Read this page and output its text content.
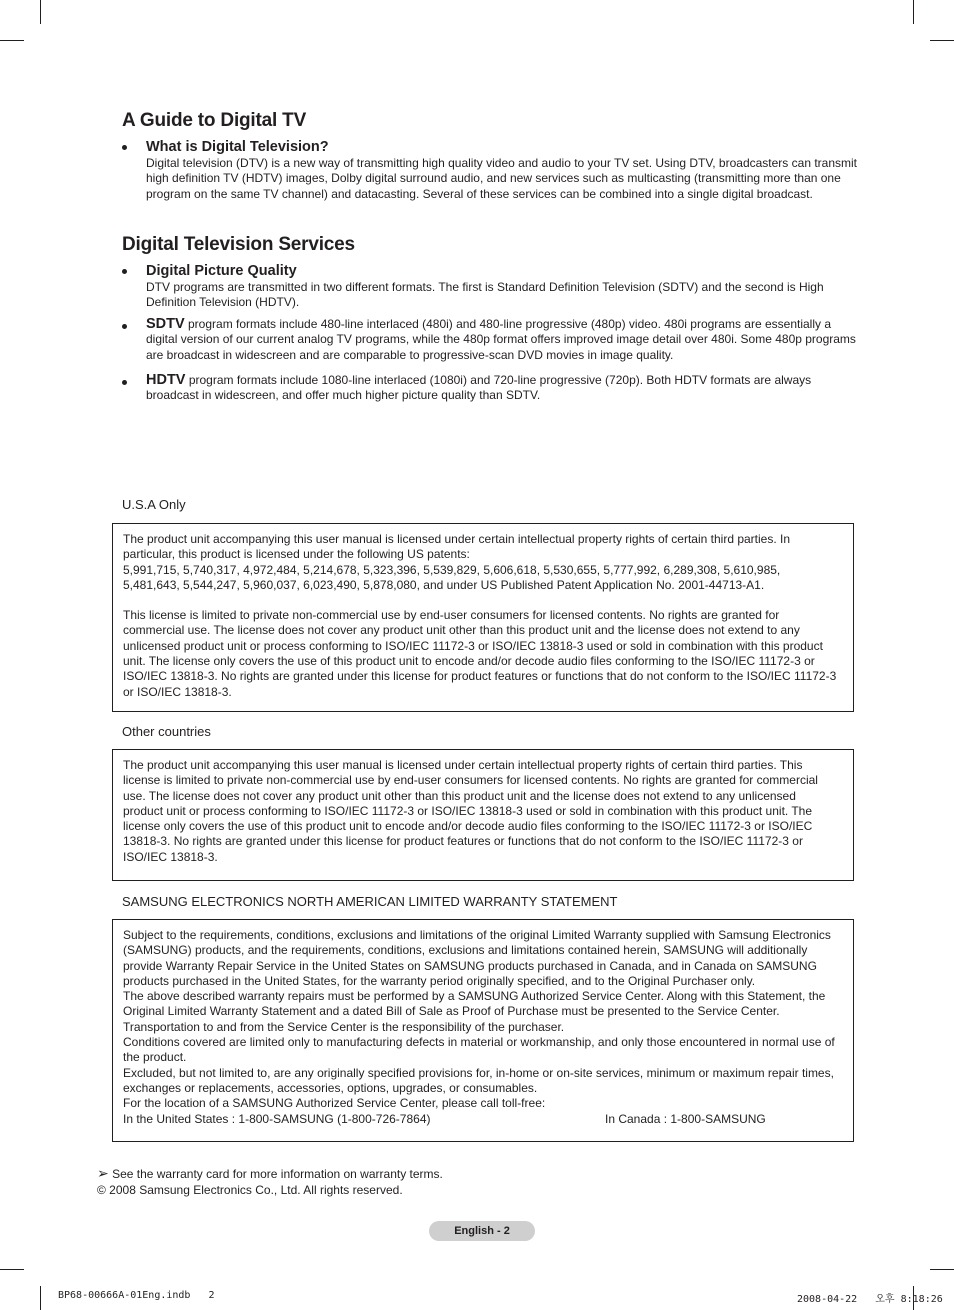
A Guide to Digital TV
What is Digital Television?
Digital television (DTV) is a new way of transmitting high quality video and audio to your TV set. Using DTV, broadcasters can transmit high definition TV (HDTV) images, Dolby digital surround audio, and new services such as multicasting (transmitting more than one program on the same TV channel) and datacasting. Several of these services can be combined into a single digital broadcast.
Digital Television Services
Digital Picture Quality
DTV programs are transmitted in two different formats. The first is Standard Definition Television (SDTV) and the second is High Definition Television (HDTV).
SDTV program formats include 480-line interlaced (480i) and 480-line progressive (480p) video. 480i programs are essentially a digital version of our current analog TV programs, while the 480p format offers improved image detail over 480i. Some 480p programs are broadcast in widescreen and are comparable to progressive-scan DVD movies in image quality.
HDTV program formats include 1080-line interlaced (1080i) and 720-line progressive (720p). Both HDTV formats are always broadcast in widescreen, and offer much higher picture quality than SDTV.
U.S.A Only

The product unit accompanying this user manual is licensed under certain intellectual property rights of certain third parties. In particular, this product is licensed under the following US patents:

5,991,715, 5,740,317, 4,972,484, 5,214,678, 5,323,396, 5,539,829, 5,606,618, 5,530,655, 5,777,992, 6,289,308, 5,610,985, 5,481,643, 5,544,247, 5,960,037, 6,023,490, 5,878,080, and under US Published Patent Application No. 2001-44713-A1.

This license is limited to private non-commercial use by end-user consumers for licensed contents. No rights are granted for commercial use. The license does not cover any product unit other than this product unit and the license does not extend to any unlicensed product unit or process conforming to ISO/IEC 11172-3 or ISO/IEC 13818-3 used or sold in combination with this product unit. The license only covers the use of this product unit to encode and/or decode audio files conforming to the ISO/IEC 11172-3 or ISO/IEC 13818-3. No rights are granted under this license for product features or functions that do not conform to the ISO/IEC 11172-3 or ISO/IEC 13818-3.

Other countries

The product unit accompanying this user manual is licensed under certain intellectual property rights of certain third parties. This license is limited to private non-commercial use by end-user consumers for licensed contents. No rights are granted for commercial use. The license does not cover any product unit other than this product unit and the license does not extend to any unlicensed product unit or process conforming to ISO/IEC 11172-3 or ISO/IEC 13818-3 used or sold in combination with this product unit. The license only covers the use of this product unit to encode and/or decode audio files conforming to the ISO/IEC 11172-3 or ISO/IEC 13818-3. No rights are granted under this license for product features or functions that do not conform to the ISO/IEC 11172-3 or ISO/IEC 13818-3.

SAMSUNG ELECTRONICS NORTH AMERICAN LIMITED WARRANTY STATEMENT

Subject to the requirements, conditions, exclusions and limitations of the original Limited Warranty supplied with Samsung Electronics (SAMSUNG) products, and the requirements, conditions, exclusions and limitations contained herein, SAMSUNG will additionally provide Warranty Repair Service in the United States on SAMSUNG products purchased in Canada, and in Canada on SAMSUNG products purchased in the United States, for the warranty period originally specified, and to the Original Purchaser only.

The above described warranty repairs must be performed by a SAMSUNG Authorized Service Center. Along with this Statement, the Original Limited Warranty Statement and a dated Bill of Sale as Proof of Purchase must be presented to the Service Center. Transportation to and from the Service Center is the responsibility of the purchaser.

Conditions covered are limited only to manufacturing defects in material or workmanship, and only those encountered in normal use of the product.

Excluded, but not limited to, are any originally specified provisions for, in-home or on-site services, minimum or maximum repair times, exchanges or replacements, accessories, options, upgrades, or consumables.

For the location of a SAMSUNG Authorized Service Center, please call toll-free:

In the United States : 1-800-SAMSUNG (1-800-726-7864)	In Canada : 1-800-SAMSUNG

➢ See the warranty card for more information on warranty terms.
© 2008 Samsung Electronics Co., Ltd. All rights reserved.
English - 2
BP68-00666A-01Eng.indb   2	2008-04-22   오후 8:18:26
